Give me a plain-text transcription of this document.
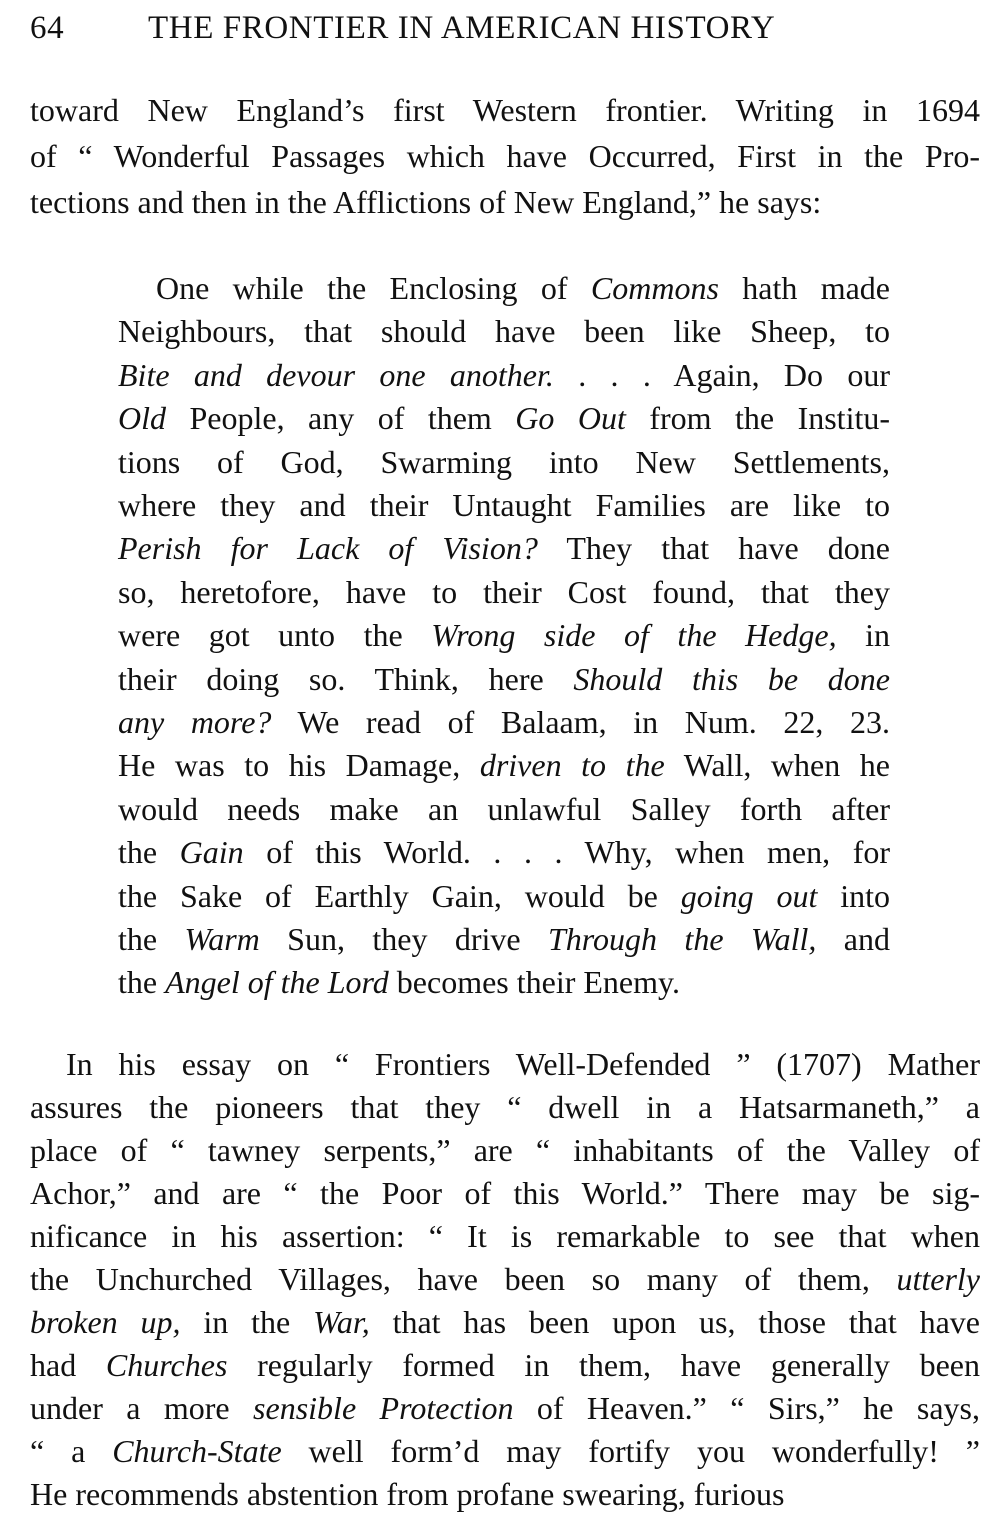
64	THE FRONTIER IN AMERICAN HISTORY
toward New England’s first Western frontier. Writing in 1694
of “ Wonderful Passages which have Occurred, First in the Pro-
tections and then in the Afflictions of New England,” he says:
One while the Enclosing of Commons hath made
Neighbours, that should have been like Sheep, to
Bite and devour one another. . . . Again, Do our
Old People, any of them Go Out from the Institu-
tions of God, Swarming into New Settlements,
where they and their Untaught Families are like to
Perish for Lack of Vision? They that have done
so, heretofore, have to their Cost found, that they
were got unto the Wrong side of the Hedge, in
their doing so. Think, here Should this be done
any more? We read of Balaam, in Num. 22, 23.
He was to his Damage, driven to the Wall, when he
would needs make an unlawful Salley forth after
the Gain of this World. . . . Why, when men, for
the Sake of Earthly Gain, would be going out into
the Warm Sun, they drive Through the Wall, and
the Angel of the Lord becomes their Enemy.
In his essay on “ Frontiers Well-Defended ” (1707) Mather
assures the pioneers that they “ dwell in a Hatsarmaneth,” a
place of “ tawney serpents,” are “ inhabitants of the Valley of
Achor,” and are “ the Poor of this World.” There may be sig-
nificance in his assertion: “ It is remarkable to see that when
the Unchurched Villages, have been so many of them, utterly
broken up, in the War, that has been upon us, those that have
had Churches regularly formed in them, have generally been
under a more sensible Protection of Heaven.” “ Sirs,” he says,
“ a Church-State well form’d may fortify you wonderfully! ”
He recommends abstention from profane swearing, furious
